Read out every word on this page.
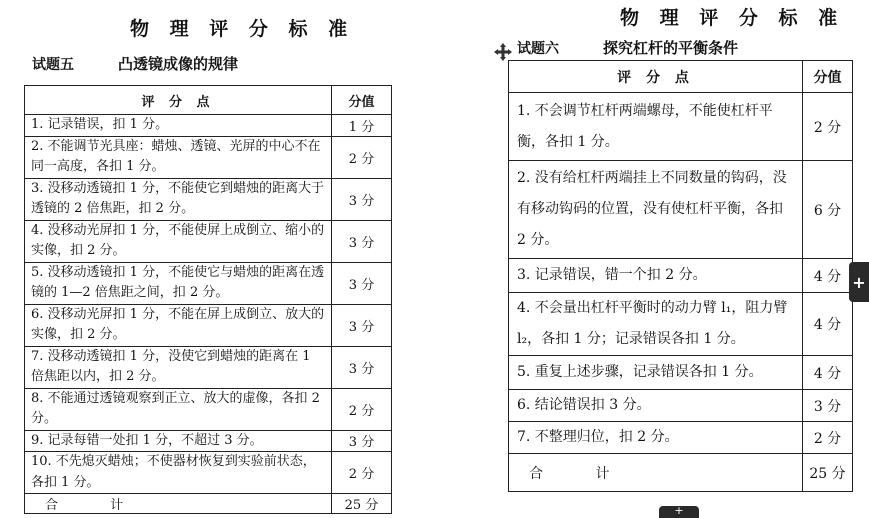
物 理 评 分 标 准
试题五	凸透镜成像的规律
评 分 点	分值
1. 记录错误，扣 1 分。	1 分
2. 不能调节光具座：蜡烛、透镜、光屏的中心不在同一高度，各扣 1 分。	2 分
3. 没移动透镜扣 1 分，不能使它到蜡烛的距离大于透镜的 2 倍焦距，扣 2 分。	3 分
4. 没移动光屏扣 1 分，不能使屏上成倒立、缩小的实像，扣 2 分。	3 分
5. 没移动透镜扣 1 分，不能使它与蜡烛的距离在透镜的 1—2 倍焦距之间，扣 2 分。	3 分
6. 没移动光屏扣 1 分，不能在屏上成倒立、放大的实像，扣 2 分。	3 分
7. 没移动透镜扣 1 分，没使它到蜡烛的距离在 1 倍焦距以内，扣 2 分。	3 分
8. 不能通过透镜观察到正立、放大的虚像，各扣 2 分。	2 分
9. 记录每错一处扣 1 分，不超过 3 分。	3 分
10. 不先熄灭蜡烛；不使器材恢复到实验前状态，各扣 1 分。	2 分
合 计	25 分
物 理 评 分 标 准
试题六	探究杠杆的平衡条件
评 分 点	分值
1. 不会调节杠杆两端螺母，不能使杠杆平衡，各扣 1 分。	2 分
2. 没有给杠杆两端挂上不同数量的钩码，没有移动钩码的位置，没有使杠杆平衡，各扣 2 分。	6 分
3. 记录错误，错一个扣 2 分。	4 分
4. 不会量出杠杆平衡时的动力臂 l₁，阻力臂 l₂，各扣 1 分；记录错误各扣 1 分。	4 分
5. 重复上述步骤，记录错误各扣 1 分。	4 分
6. 结论错误扣 3 分。	3 分
7. 不整理归位，扣 2 分。	2 分
合 计	25 分
+
+
